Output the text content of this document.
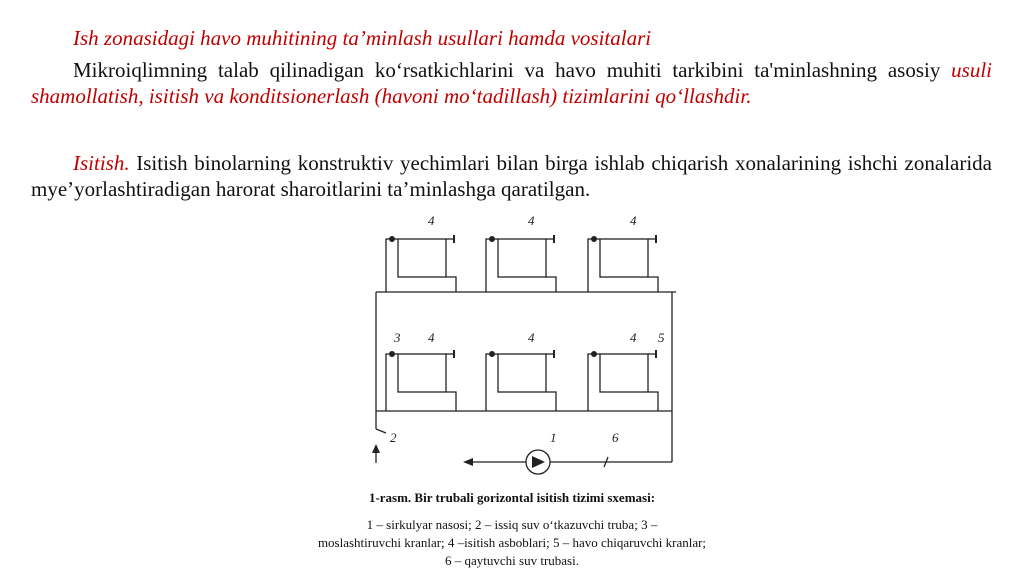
Ish zonasidagi havo muhitining ta’minlash usullari hamda vositalari
Mikroiqlimning talab qilinadigan ko‘rsatkichlarini va havo muhiti tarkibini ta'minlashning asosiy usuli shamollatish, isitish va konditsionerlash (havoni mo‘tadillash) tizimlarini qo‘llashdir.
Isitish. Isitish binolarning konstruktiv yechimlari bilan birga ishlab chiqarish xonalarining ishchi zonalarida mye’yorlashtiradigan harorat sharoitlarini ta’minlashga qaratilgan.
4	4	4
3 4	4	4 5
2	1	6
1-rasm. Bir trubali gorizontal isitish tizimi sxemasi:
1 – sirkulyar nasosi; 2 – issiq suv o‘tkazuvchi truba; 3 –
moslashtiruvchi kranlar; 4 –isitish asboblari; 5 – havo chiqaruvchi kranlar;
6 – qaytuvchi suv trubasi.
